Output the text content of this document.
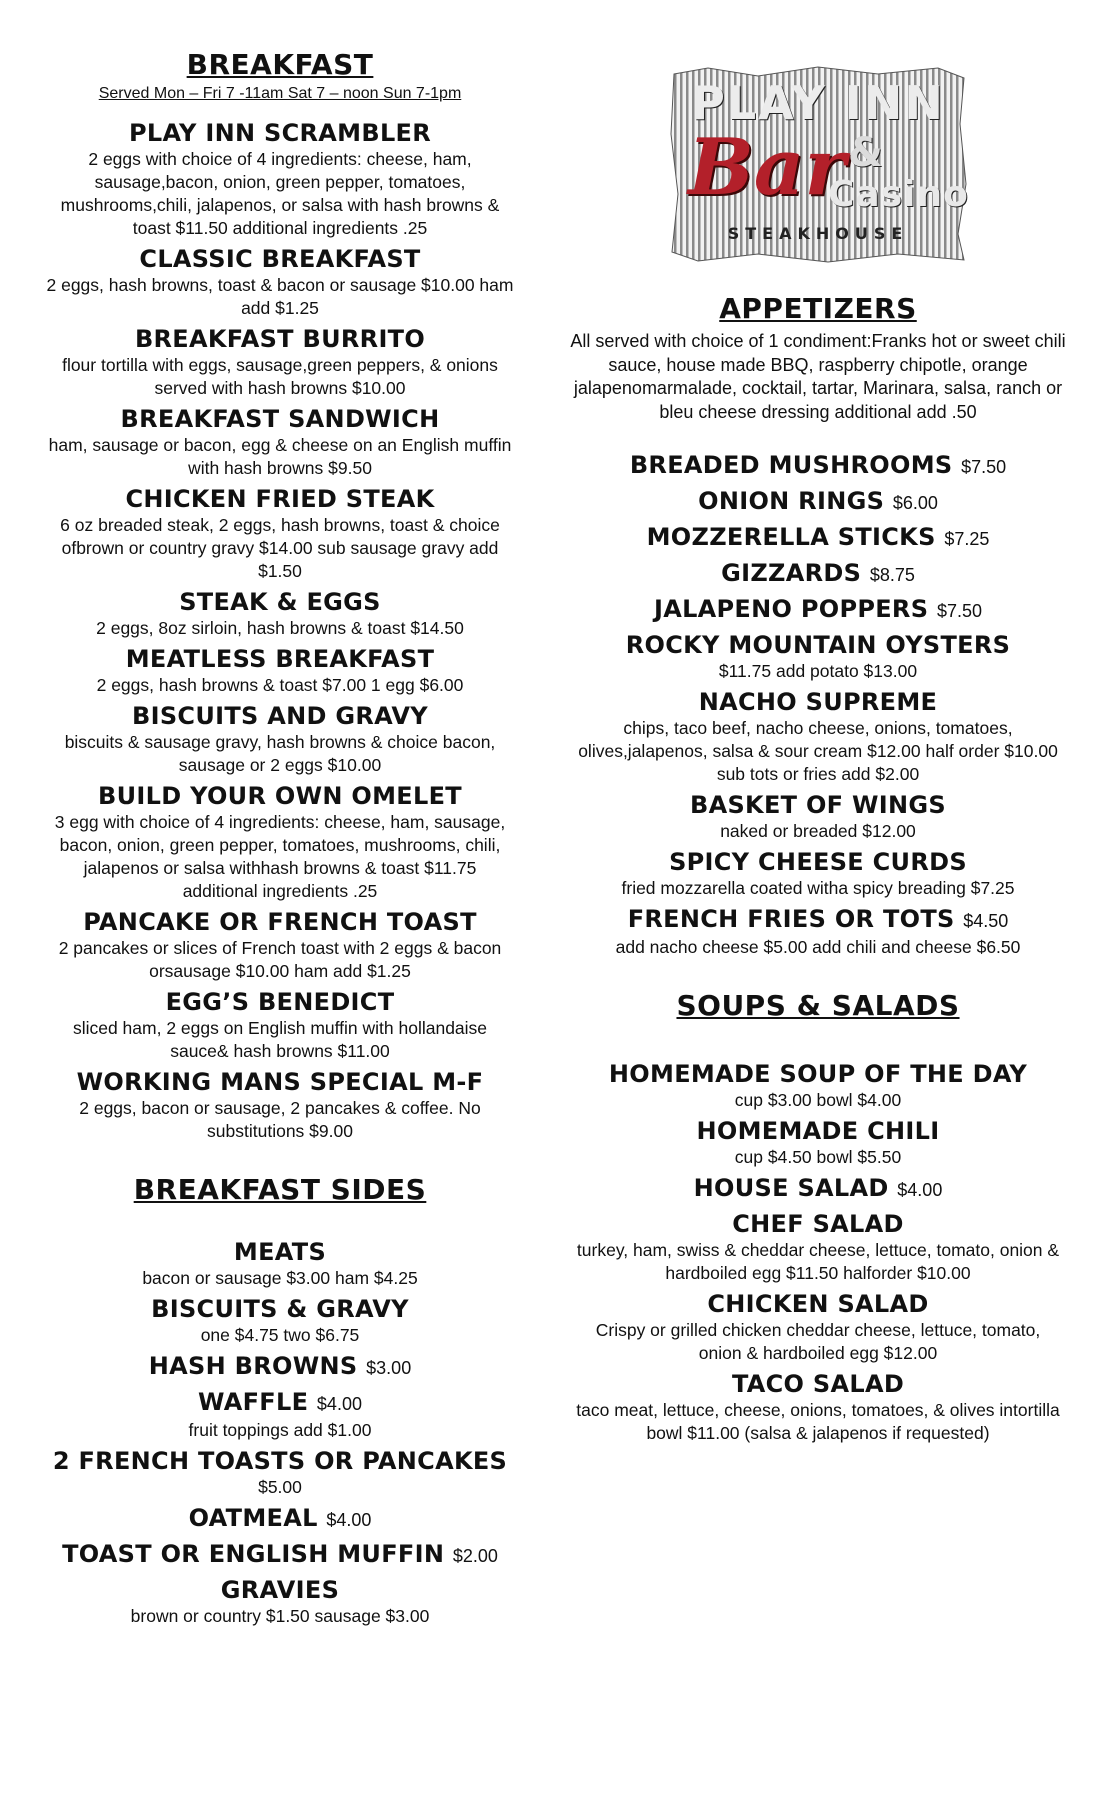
BREAKFAST
Served Mon – Fri 7 -11am Sat 7 – noon Sun 7-1pm
PLAY INN SCRAMBLER
2 eggs with choice of 4 ingredients: cheese, ham, sausage,bacon, onion, green pepper, tomatoes, mushrooms,chili, jalapenos, or salsa with hash browns & toast $11.50 additional ingredients .25
CLASSIC BREAKFAST
2 eggs, hash browns, toast & bacon or sausage $10.00 ham add $1.25
BREAKFAST BURRITO
flour tortilla with eggs, sausage,green peppers, & onions served with hash browns $10.00
BREAKFAST SANDWICH
ham, sausage or bacon, egg & cheese on an English muffin with hash browns $9.50
CHICKEN FRIED STEAK
6 oz breaded steak, 2 eggs, hash browns, toast & choice ofbrown or country gravy $14.00 sub sausage gravy add $1.50
STEAK & EGGS
2 eggs, 8oz sirloin, hash browns & toast $14.50
MEATLESS BREAKFAST
2 eggs, hash browns & toast $7.00 1 egg $6.00
BISCUITS AND GRAVY
biscuits & sausage gravy, hash browns & choice bacon, sausage or 2 eggs $10.00
BUILD YOUR OWN OMELET
3 egg with choice of 4 ingredients: cheese, ham, sausage, bacon, onion, green pepper, tomatoes, mushrooms, chili, jalapenos or salsa withhash browns & toast $11.75 additional ingredients .25
PANCAKE OR FRENCH TOAST
2 pancakes or slices of French toast with 2 eggs & bacon orsausage $10.00 ham add $1.25
EGG’S BENEDICT
sliced ham, 2 eggs on English muffin with hollandaise sauce& hash browns $11.00
WORKING MANS SPECIAL M-F
2 eggs, bacon or sausage, 2 pancakes & coffee. No substitutions $9.00
BREAKFAST SIDES
MEATS
bacon or sausage $3.00 ham $4.25
BISCUITS & GRAVY
one $4.75 two $6.75
HASH BROWNS $3.00
WAFFLE $4.00
fruit toppings add $1.00
2 FRENCH TOASTS OR PANCAKES
$5.00
OATMEAL $4.00
TOAST OR ENGLISH MUFFIN $2.00
GRAVIES
brown or country $1.50 sausage $3.00
PLAY INN
Bar &
Casino
STEAKHOUSE
APPETIZERS
All served with choice of 1 condiment:Franks hot or sweet chili sauce, house made BBQ, raspberry chipotle, orange jalapenomarmalade, cocktail, tartar, Marinara, salsa, ranch or bleu cheese dressing additional add .50
BREADED MUSHROOMS $7.50
ONION RINGS $6.00
MOZZERELLA STICKS $7.25
GIZZARDS $8.75
JALAPENO POPPERS $7.50
ROCKY MOUNTAIN OYSTERS
$11.75 add potato $13.00
NACHO SUPREME
chips, taco beef, nacho cheese, onions, tomatoes, olives,jalapenos, salsa & sour cream $12.00 half order $10.00 sub tots or fries add $2.00
BASKET OF WINGS
naked or breaded $12.00
SPICY CHEESE CURDS
fried mozzarella coated witha spicy breading $7.25
FRENCH FRIES OR TOTS $4.50
add nacho cheese $5.00 add chili and cheese $6.50
SOUPS & SALADS
HOMEMADE SOUP OF THE DAY
cup $3.00 bowl $4.00
HOMEMADE CHILI
cup $4.50 bowl $5.50
HOUSE SALAD $4.00
CHEF SALAD
turkey, ham, swiss & cheddar cheese, lettuce, tomato, onion & hardboiled egg $11.50 halforder $10.00
CHICKEN SALAD
Crispy or grilled chicken cheddar cheese, lettuce, tomato, onion & hardboiled egg $12.00
TACO SALAD
taco meat, lettuce, cheese, onions, tomatoes, & olives intortilla bowl $11.00 (salsa & jalapenos if requested)
